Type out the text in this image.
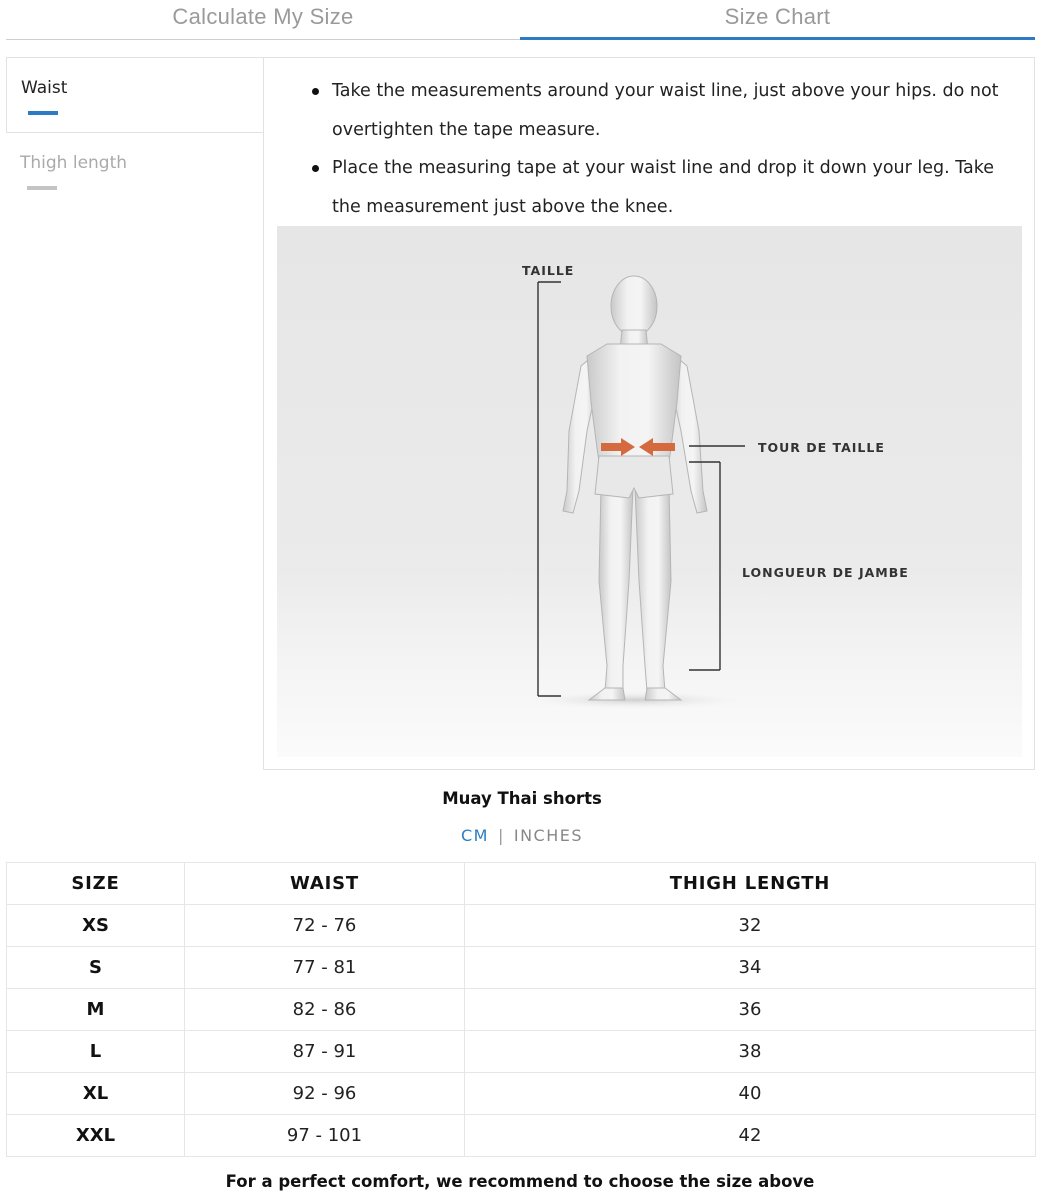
Calculate My Size	Size Chart
Waist
Thigh length
Take the measurements around your waist line, just above your hips. do not overtighten the tape measure.
Place the measuring tape at your waist line and drop it down your leg. Take the measurement just above the knee.
TAILLE
TOUR DE TAILLE
LONGUEUR DE JAMBE
Muay Thai shorts
CM | INCHES
SIZE	WAIST	THIGH LENGTH
XS	72 - 76	32
S	77 - 81	34
M	82 - 86	36
L	87 - 91	38
XL	92 - 96	40
XXL	97 - 101	42
For a perfect comfort, we recommend to choose the size above
